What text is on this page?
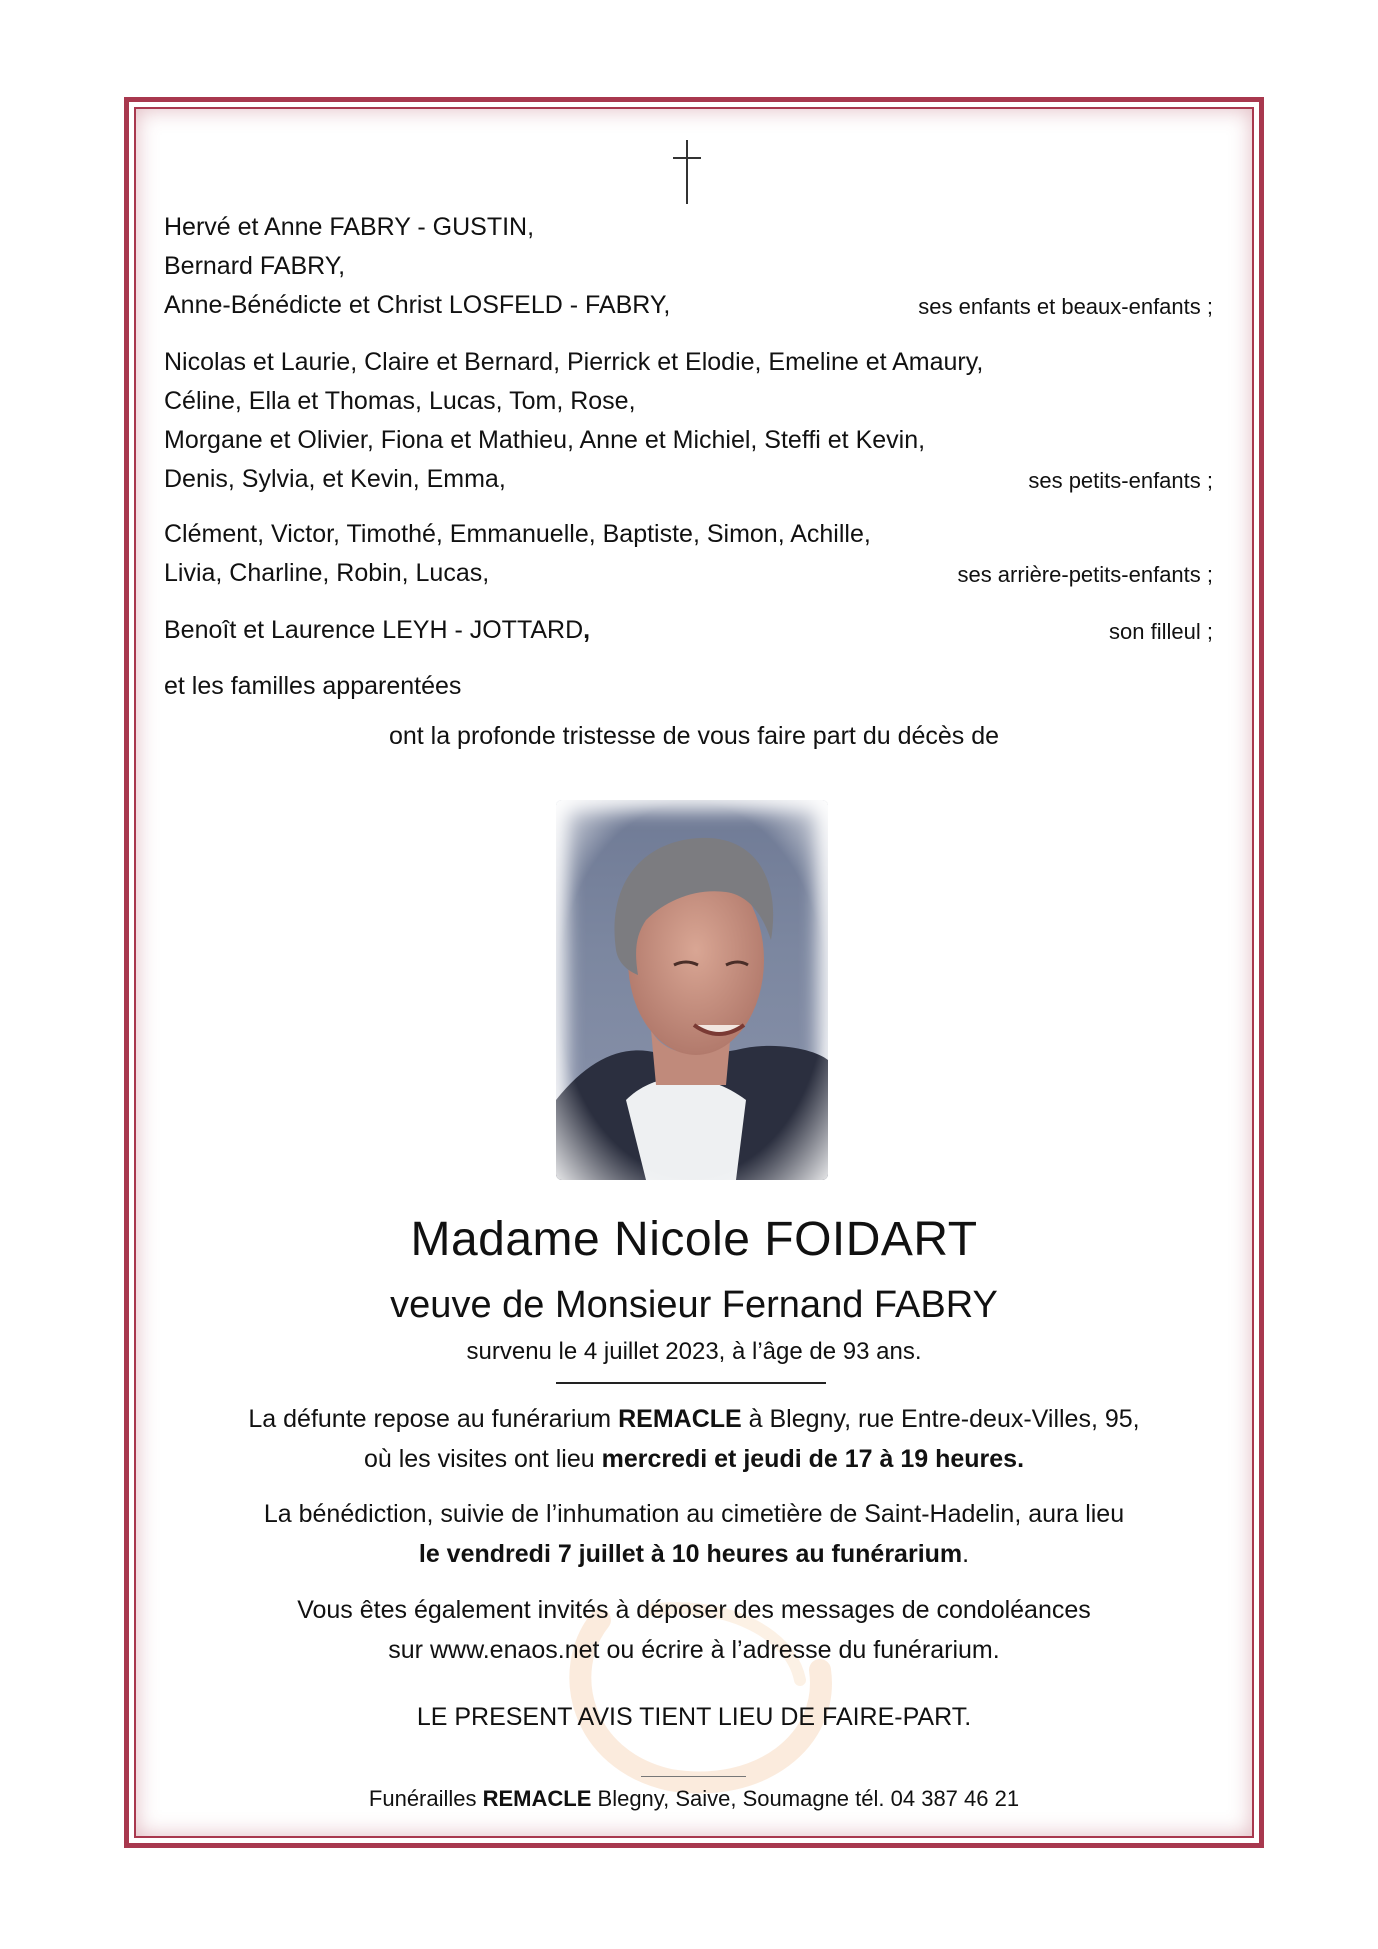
Hervé et Anne FABRY - GUSTIN,
Bernard FABRY,
Anne-Bénédicte et Christ LOSFELD - FABRY,	ses enfants et beaux-enfants ;
Nicolas et Laurie, Claire et Bernard, Pierrick et Elodie, Emeline et Amaury,
Céline, Ella et Thomas, Lucas, Tom, Rose,
Morgane et Olivier, Fiona et Mathieu, Anne et Michiel, Steffi et Kevin,
Denis, Sylvia, et Kevin, Emma,	ses petits-enfants ;
Clément, Victor, Timothé, Emmanuelle, Baptiste, Simon, Achille,
Livia, Charline, Robin, Lucas,	ses arrière-petits-enfants ;
Benoît et Laurence LEYH - JOTTARD,	son filleul ;
et les familles apparentées
ont la profonde tristesse de vous faire part du décès de
Madame Nicole FOIDART
veuve de Monsieur Fernand FABRY
survenu le 4 juillet 2023, à l’âge de 93 ans.
La défunte repose au funérarium REMACLE à Blegny, rue Entre-deux-Villes, 95,
où les visites ont lieu mercredi et jeudi de 17 à 19 heures.
La bénédiction, suivie de l’inhumation au cimetière de Saint-Hadelin, aura lieu
le vendredi 7 juillet à 10 heures au funérarium.
Vous êtes également invités à déposer des messages de condoléances
sur www.enaos.net ou écrire à l’adresse du funérarium.
LE PRESENT AVIS TIENT LIEU DE FAIRE-PART.
Funérailles REMACLE Blegny, Saive, Soumagne tél. 04 387 46 21
